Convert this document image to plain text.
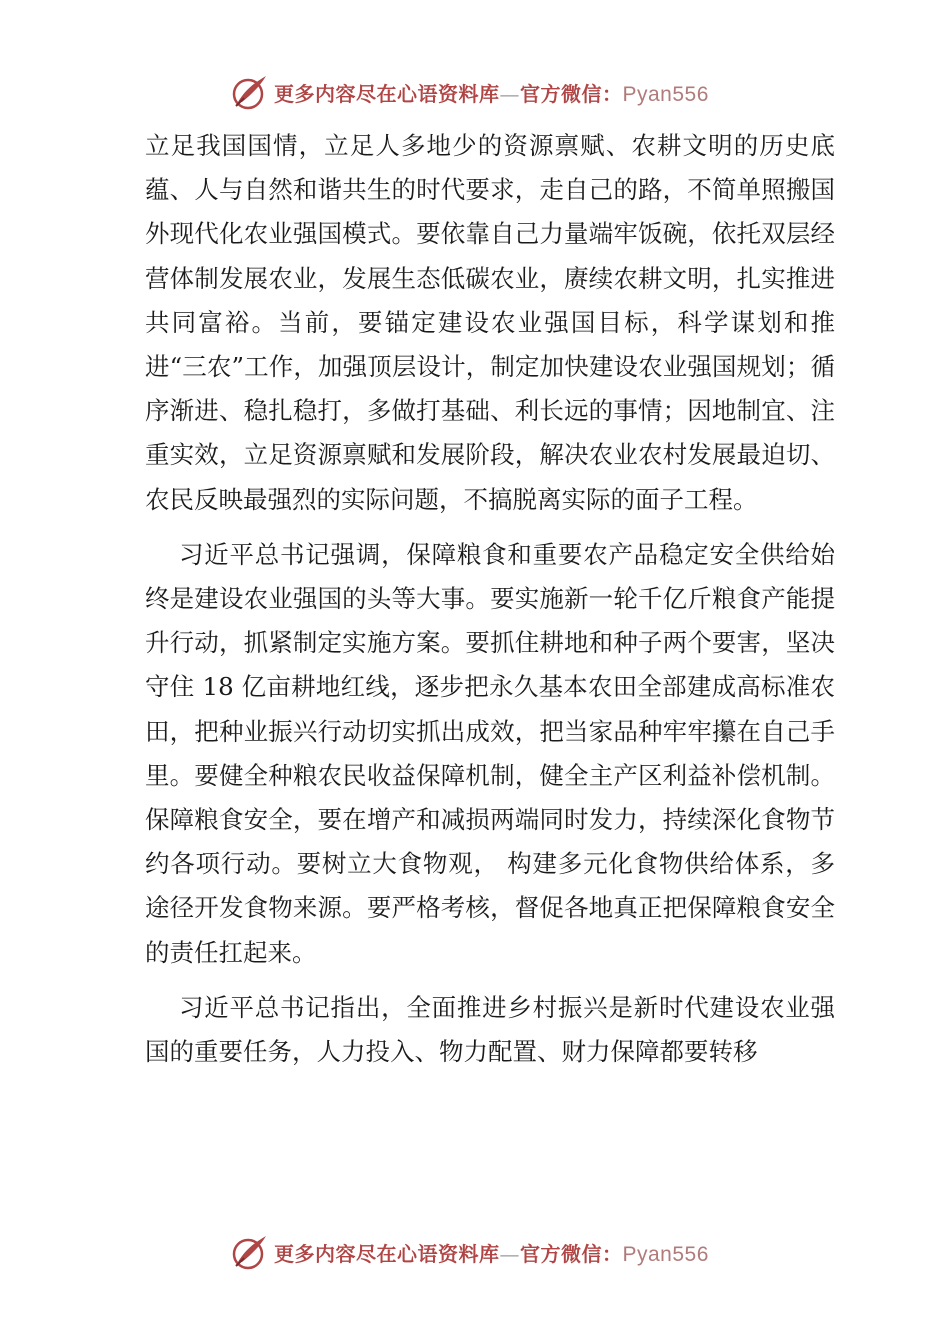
更多内容尽在心语资料库—官方微信：Pyan556

立足我国国情，立足人多地少的资源禀赋、农耕文明的历史底蕴、人与自然和谐共生的时代要求，走自己的路，不简单照搬国外现代化农业强国模式。要依靠自己力量端牢饭碗，依托双层经营体制发展农业，发展生态低碳农业，赓续农耕文明，扎实推进共同富裕。当前，要锚定建设农业强国目标，科学谋划和推进“三农”工作，加强顶层设计，制定加快建设农业强国规划；循序渐进、稳扎稳打，多做打基础、利长远的事情；因地制宜、注重实效，立足资源禀赋和发展阶段，解决农业农村发展最迫切、农民反映最强烈的实际问题，不搞脱离实际的面子工程。

习近平总书记强调，保障粮食和重要农产品稳定安全供给始终是建设农业强国的头等大事。要实施新一轮千亿斤粮食产能提升行动，抓紧制定实施方案。要抓住耕地和种子两个要害，坚决守住 18 亿亩耕地红线，逐步把永久基本农田全部建成高标准农田，把种业振兴行动切实抓出成效，把当家品种牢牢攥在自己手里。要健全种粮农民收益保障机制，健全主产区利益补偿机制。保障粮食安全，要在增产和减损两端同时发力，持续深化食物节约各项行动。要树立大食物观， 构建多元化食物供给体系，多途径开发食物来源。要严格考核，督促各地真正把保障粮食安全的责任扛起来。

习近平总书记指出，全面推进乡村振兴是新时代建设农业强国的重要任务，人力投入、物力配置、财力保障都要转移

更多内容尽在心语资料库—官方微信：Pyan556
